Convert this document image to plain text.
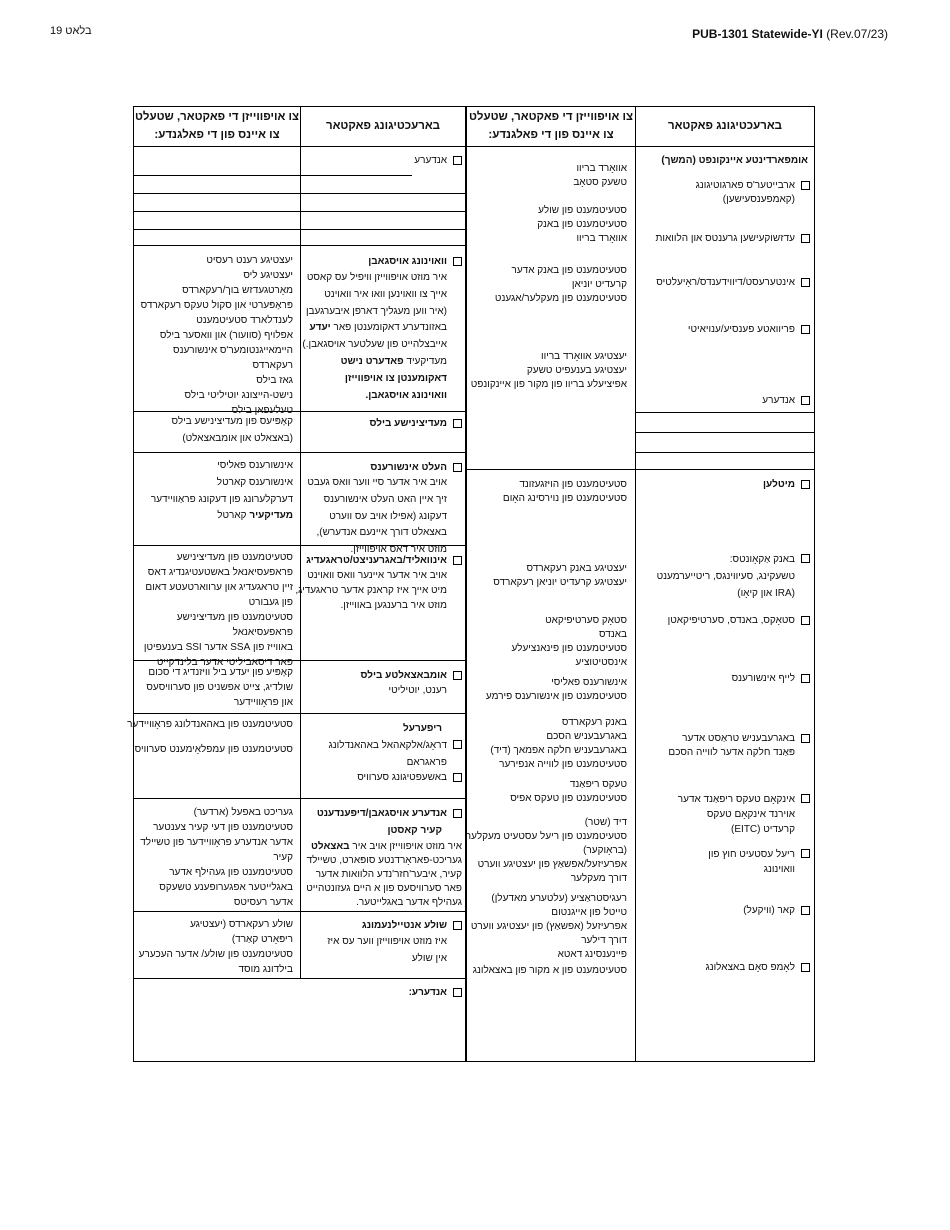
בלאט 19	PUB-1301 Statewide-YI (Rev.07/23)
צו אויפווייזן די פאקטאר, שטעלט
צו איינס פון די פאלגנדע:
בארעכטיגונג פאקטאר
צו אויפווייזן די פאקטאר, שטעלט
צו איינס פון די פאלגנדע:
בארעכטיגונג פאקטאר
אומפארדינטע איינקונפט (המשך)
ארבייטער'ס פארגוטיגונג
(קאמפענסעישען)
עדזשוקעישען גרענטס און הלוואות
אינטערעסט/דיווידענדס/ראָיעלטיס
פריוואטע פענסיע/ענויאיטי
אנדערע
אוואָרד בריוו
טשעק סטאָב
סטעיטמענט פון שולע
סטעיטמענט פון באנק
אוואָרד בריוו
סטעיטמענט פון באנק אדער
קרעדיט יוניאן
סטעיטמענט פון מעקלער/אגענט
יעצטיגע אוואָרד בריוו
יעצטיגע בענעפיט טשעק
אפיציעלע בריוו פון מקור פון איינקונפט
מיטלען
באנק אַקאָונטס:
טשעקינג, סעיווינגס, ריטייערמענט
(IRA און קיאָו)
סטאָקס, באנדס, סערטיפיקאטן
לייף אינשורענס
באגרעבעניש טראַסט אדער
פּאַנד חלקה אדער לווייה הסכם
אינקאָם טעקס ריפאַנד אדער
אוירנד אינקאָם טעקס
קרעדיט (EITC)
ריעל עסטעיט חוץ פון
וואוינונג
קאר (וויקעל)
לאָמפ סאָם באצאלונג
סטעיטמענט פון הויזגעזונד
סטעיטמענט פון נוירסינג האָום
יעצטיגע באנק רעקארדס
יעצטיגע קרעדיט יוניאן רעקארדס
סטאָק סערטיפיקאט
באנדס
סטעיטמענט פון פינאנציעלע
אינסטיטוציע
אינשורענס פאליסי
סטעיטמענט פון אינשורענס פירמע
באנק רעקארדס
באגרעבעניש הסכם
באגרעבעניש חלקה אפמאך (דיד)
סטעיטמענט פון לווייה אנפירער
טעקס ריפאַנד
סטעיטמענט פון טעקס אפיס
דיד (שטר)
סטעיטמענט פון ריעל עסטעיט מעקלער
(בראָוקער)
אפרעיזעל/אפשאַץ פון יעצטיגע ווערט
דורך מעקלער
רעגיסטראַציע (עלטערע מאדעלן)
טייטל פון אייגנטום
אפרעיזעל (אפשאַץ) פון יעצטיגע ווערט
דורך דילער
פיינענסינג דאטא
סטעיטמענט פון א מקור פון באצאלונג
אנדערע
וואוינונג אויסגאבן
איר מוזט אויפווייזן וויפיל עס קאסט
אייך צו וואוינען וואו איר וואוינט
(איר ווען מעגליך דארפן איבערגעבן
באזונדערע דאקומענטן פאר יעדע
אייבצלהייט פון שעלטער אויסגאבן.)
מעדיקעיד פאדערט נישט
דאקומענטן צו אויפווייזן
וואוינונג אויסגאבן.
יעצטיגע רענט רעסיט
יעצטיגע ליס
מאָרטגעדזש בוך/רעקארדס
פּראָפּערטי און סקול טעקס רעקארדס
לענדלארד סטעיטמענט
אפלויף (סוועור) און וואסער בילס
היימאייגנטומער'ס אינשורענס
רעקארדס
גאז בילס
נישט-הייצונג יוטיליטי בילס
טעלעפאן בילס
מעדיצינישע בילס
קאָפּיעס פון מעדיצינישע בילס
(באצאלט און אומבאצאלט)
העלט אינשורענס
אויב איר אדער סיי ווער וואס געבט
זיך איין האט העלט אינשורענס
דעקונג (אפילו אויב עס ווערט
באצאלט דורך איינעם אנדערש),
מוזט איר דאס אויפווייזן.
אינשורענס פאליסי
אינשורענס קארטל
דערקלערונג פון דעקונג פראַוויידער
מעדיקעיר קארטל
אינוואליד/באגרעניצט/טראגעדיג
אויב איר אדער איינער וואס וואוינט
מיט אייך איז קראנק אדער טראגעדיג,
מוזט איר ברענגען באווייזן.
סטעיטמענט פון מעדיצינישע
פראפעסיאנאל באשטעטיגנדיג דאס
זיין טראגעדיג און ערווארטעטע דאום
פון געבורט
סטעיטמענט פון מעדיצינישע
פראפעסיאנאל
באווייז פון SSA אדער SSI בענעפיטן
פאר דיסאביליטי אדער בלינדקייט
אומבאצאלטע בילס
רענט, יוטיליטי
קאָפּיע פון יעדע ביל וויזנדיג די סכום
שולדיג, צייט אפשניט פון סערוויסעס
און פראָוויידער
ריפערעל
דראָג/אלקאהאל באהאנדלונג
פראגראם
באשעפטיגונג סערוויס
סטעיטמענט פון באהאנדלונג פראָוויידער
סטעיטמענט פון עמפלאָימענט סערוויס
אנדערע אויסגאבן/דיפענדענט
קעיר קאסטן
איר מוזט אויפווייזן אויב איר באצאלט
געריכט-פאראָרדנטע סופּארט, טשיילד
קעיר, איבער'חזר'נדע הלוואות אדער
פאר סערוויסעס פון א היים געזונטהייט
געהילף אדער באגלייטער.
געריכט באפעל (ארדער)
סטעיטמענט פון דעי קעיר צענטער
אדער אנדערע פראָוויידער פון טשיילד
קעיר
סטעיטמענט פון געהילף אדער
באגלייטער אפגערופענע טשעקס
אדער רעסיטס
שולע אנטיילנעמונג
איז מוזט אויפווייזן ווער עס איז
אין שולע
שולע רעקארדס (יעצטיגע
ריפּאָרט קאַרד)
סטעיטמענט פון שולע/ אדער העכערע
בילדונג מוסד
אנדערע:
